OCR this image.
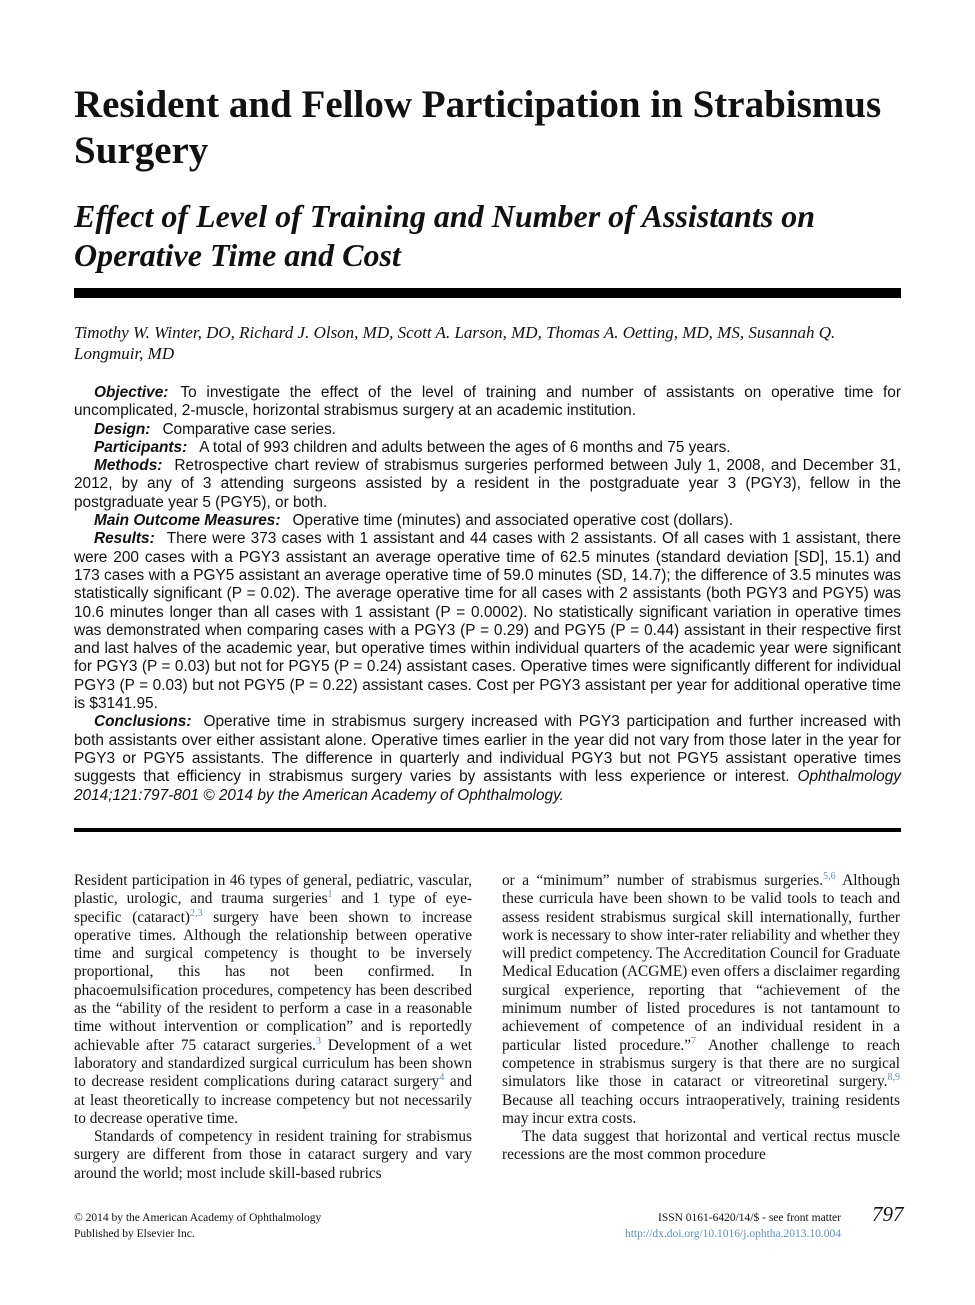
Resident and Fellow Participation in Strabismus Surgery
Effect of Level of Training and Number of Assistants on Operative Time and Cost
Timothy W. Winter, DO, Richard J. Olson, MD, Scott A. Larson, MD, Thomas A. Oetting, MD, MS, Susannah Q. Longmuir, MD

Objective: To investigate the effect of the level of training and number of assistants on operative time for uncomplicated, 2-muscle, horizontal strabismus surgery at an academic institution.

Design: Comparative case series.

Participants: A total of 993 children and adults between the ages of 6 months and 75 years.

Methods: Retrospective chart review of strabismus surgeries performed between July 1, 2008, and December 31, 2012, by any of 3 attending surgeons assisted by a resident in the postgraduate year 3 (PGY3), fellow in the postgraduate year 5 (PGY5), or both.

Main Outcome Measures: Operative time (minutes) and associated operative cost (dollars).

Results: There were 373 cases with 1 assistant and 44 cases with 2 assistants. Of all cases with 1 assistant, there were 200 cases with a PGY3 assistant an average operative time of 62.5 minutes (standard deviation [SD], 15.1) and 173 cases with a PGY5 assistant an average operative time of 59.0 minutes (SD, 14.7); the difference of 3.5 minutes was statistically significant (P = 0.02). The average operative time for all cases with 2 assistants (both PGY3 and PGY5) was 10.6 minutes longer than all cases with 1 assistant (P = 0.0002). No statistically significant variation in operative times was demonstrated when comparing cases with a PGY3 (P = 0.29) and PGY5 (P = 0.44) assistant in their respective first and last halves of the academic year, but operative times within individual quarters of the academic year were significant for PGY3 (P = 0.03) but not for PGY5 (P = 0.24) assistant cases. Operative times were significantly different for individual PGY3 (P = 0.03) but not PGY5 (P = 0.22) assistant cases. Cost per PGY3 assistant per year for additional operative time is $3141.95.

Conclusions: Operative time in strabismus surgery increased with PGY3 participation and further increased with both assistants over either assistant alone. Operative times earlier in the year did not vary from those later in the year for PGY3 or PGY5 assistants. The difference in quarterly and individual PGY3 but not PGY5 assistant operative times suggests that efficiency in strabismus surgery varies by assistants with less experience or interest. Ophthalmology 2014;121:797-801 © 2014 by the American Academy of Ophthalmology.

Resident participation in 46 types of general, pediatric, vascular, plastic, urologic, and trauma surgeries$^1$ and 1 type of eye-specific (cataract)$^{2,3}$ surgery have been shown to increase operative times. Although the relationship between operative time and surgical competency is thought to be inversely proportional, this has not been confirmed. In phacoemulsification procedures, competency has been described as the “ability of the resident to perform a case in a reasonable time without intervention or complication” and is reportedly achievable after 75 cataract surgeries.$^3$ Development of a wet laboratory and standardized surgical curriculum has been shown to decrease resident complications during cataract surgery$^4$ and at least theoretically to increase competency but not necessarily to decrease operative time.

Standards of competency in resident training for strabismus surgery are different from those in cataract surgery and vary around the world; most include skill-based rubrics

or a “minimum” number of strabismus surgeries.$^{5,6}$ Although these curricula have been shown to be valid tools to teach and assess resident strabismus surgical skill internationally, further work is necessary to show inter-rater reliability and whether they will predict competency. The Accreditation Council for Graduate Medical Education (ACGME) even offers a disclaimer regarding surgical experience, reporting that “achievement of the minimum number of listed procedures is not tantamount to achievement of competence of an individual resident in a particular listed procedure.”$^7$ Another challenge to reach competence in strabismus surgery is that there are no surgical simulators like those in cataract or vitreoretinal surgery.$^{8,9}$ Because all teaching occurs intraoperatively, training residents may incur extra costs.

The data suggest that horizontal and vertical rectus muscle recessions are the most common procedure

© 2014 by the American Academy of Ophthalmology
Published by Elsevier Inc.
ISSN 0161-6420/14/$ - see front matter
http://dx.doi.org/10.1016/j.ophtha.2013.10.004
797
